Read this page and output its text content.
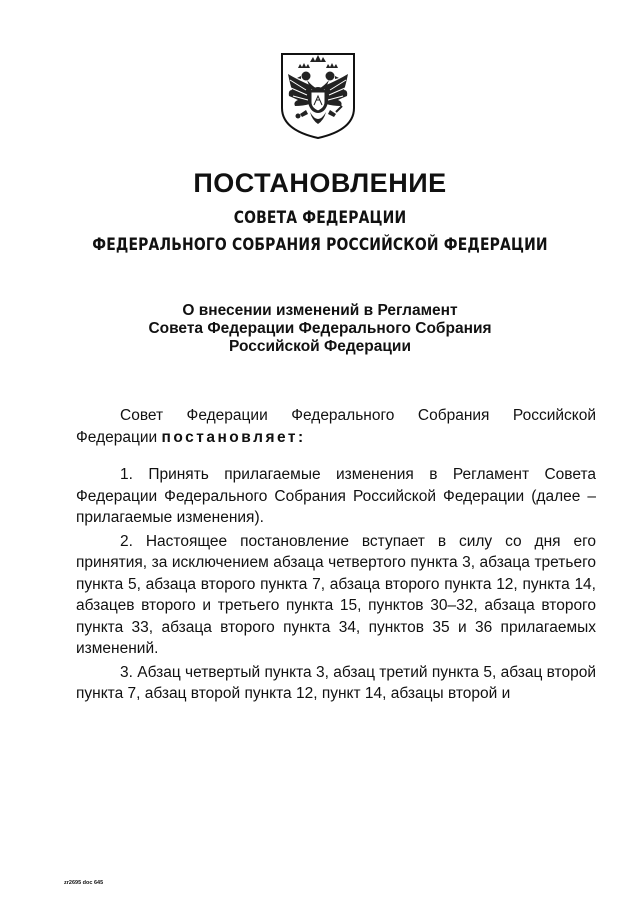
ПОСТАНОВЛЕНИЕ
СОВЕТА ФЕДЕРАЦИИ
ФЕДЕРАЛЬНОГО СОБРАНИЯ РОССИЙСКОЙ ФЕДЕРАЦИИ
О внесении изменений в Регламент
Совета Федерации Федерального Собрания
Российской Федерации

Совет Федерации Федерального Собрания Российской Федерации постановляет:

1. Принять прилагаемые изменения в Регламент Совета Федерации Федерального Собрания Российской Федерации (далее – прилагаемые изменения).

2. Настоящее постановление вступает в силу со дня его принятия, за исключением абзаца четвертого пункта 3, абзаца третьего пункта 5, абзаца второго пункта 7, абзаца второго пункта 12, пункта 14, абзацев второго и третьего пункта 15, пунктов 30–32, абзаца второго пункта 33, абзаца второго пункта 34, пунктов 35 и 36 прилагаемых изменений.

3. Абзац четвертый пункта 3, абзац третий пункта 5, абзац второй пункта 7, абзац второй пункта 12, пункт 14, абзацы второй и

zr2695 doc 645
